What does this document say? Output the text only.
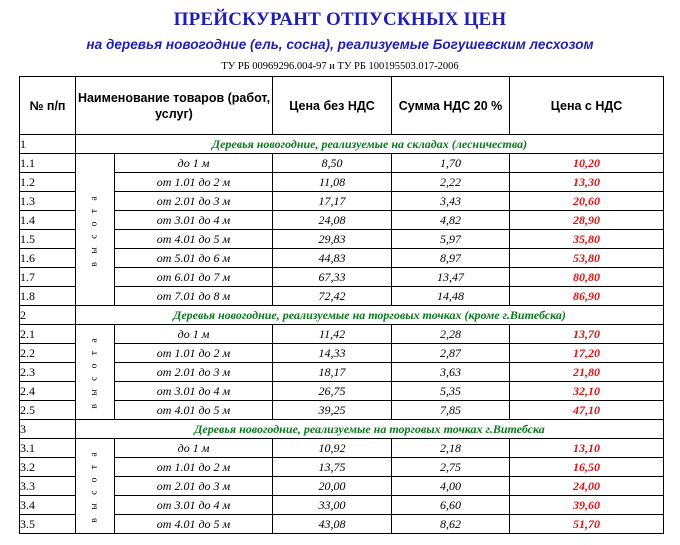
ПРЕЙСКУРАНТ ОТПУСКНЫХ ЦЕН
на деревья новогодние (ель, сосна), реализуемые Богушевским лесхозом
ТУ РБ 00969296.004-97 и ТУ РБ 100195503.017-2006
№ п/п	Наименование товаров (работ, услуг)		Цена без НДС	Сумма НДС 20 %	Цена с НДС
1	Деревья новогодние, реализуемые на складах (лесничества)				
1.1	в ы с о т а	до 1 м	8,50	1,70	10,20
1.2		от 1.01 до 2 м	11,08	2,22	13,30
1.3		от 2.01 до 3 м	17,17	3,43	20,60
1.4		от 3.01 до 4 м	24,08	4,82	28,90
1.5		от 4.01 до 5 м	29,83	5,97	35,80
1.6		от 5.01 до 6 м	44,83	8,97	53,80
1.7		от 6.01 до 7 м	67,33	13,47	80,80
1.8		от 7.01 до 8 м	72,42	14,48	86,90
2	Деревья новогодние, реализуемые на торговых точках (кроме г.Витебска)				
2.1	в ы с о т а	до 1 м	11,42	2,28	13,70
2.2		от 1.01 до 2 м	14,33	2,87	17,20
2.3		от 2.01 до 3 м	18,17	3,63	21,80
2.4		от 3.01 до 4 м	26,75	5,35	32,10
2.5		от 4.01 до 5 м	39,25	7,85	47,10
3	Деревья новогодние, реализуемые на торговых точках г.Витебска				
3.1	в ы с о т а	до 1 м	10,92	2,18	13,10
3.2		от 1.01 до 2 м	13,75	2,75	16,50
3.3		от 2.01 до 3 м	20,00	4,00	24,00
3.4		от 3.01 до 4 м	33,00	6,60	39,60
3.5		от 4.01 до 5 м	43,08	8,62	51,70
